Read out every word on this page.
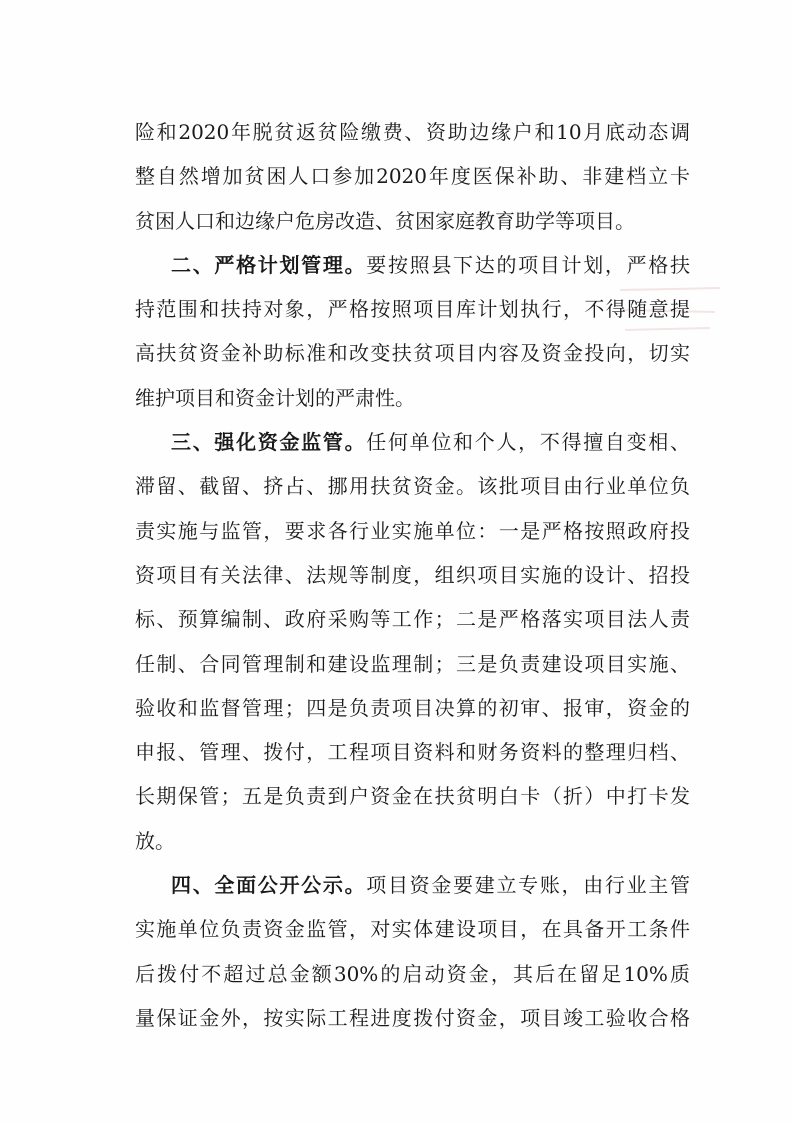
险和2020年脱贫返贫险缴费、资助边缘户和10月底动态调
整自然增加贫困人口参加2020年度医保补助、非建档立卡
贫困人口和边缘户危房改造、贫困家庭教育助学等项目。
二、严格计划管理。要按照县下达的项目计划，严格扶
持范围和扶持对象，严格按照项目库计划执行，不得随意提
高扶贫资金补助标准和改变扶贫项目内容及资金投向，切实
维护项目和资金计划的严肃性。
三、强化资金监管。任何单位和个人，不得擅自变相、
滞留、截留、挤占、挪用扶贫资金。该批项目由行业单位负
责实施与监管，要求各行业实施单位：一是严格按照政府投
资项目有关法律、法规等制度，组织项目实施的设计、招投
标、预算编制、政府采购等工作；二是严格落实项目法人责
任制、合同管理制和建设监理制；三是负责建设项目实施、
验收和监督管理；四是负责项目决算的初审、报审，资金的
申报、管理、拨付，工程项目资料和财务资料的整理归档、
长期保管；五是负责到户资金在扶贫明白卡（折）中打卡发
放。
四、全面公开公示。项目资金要建立专账，由行业主管
实施单位负责资金监管，对实体建设项目，在具备开工条件
后拨付不超过总金额30%的启动资金，其后在留足10%质
量保证金外，按实际工程进度拨付资金，项目竣工验收合格
